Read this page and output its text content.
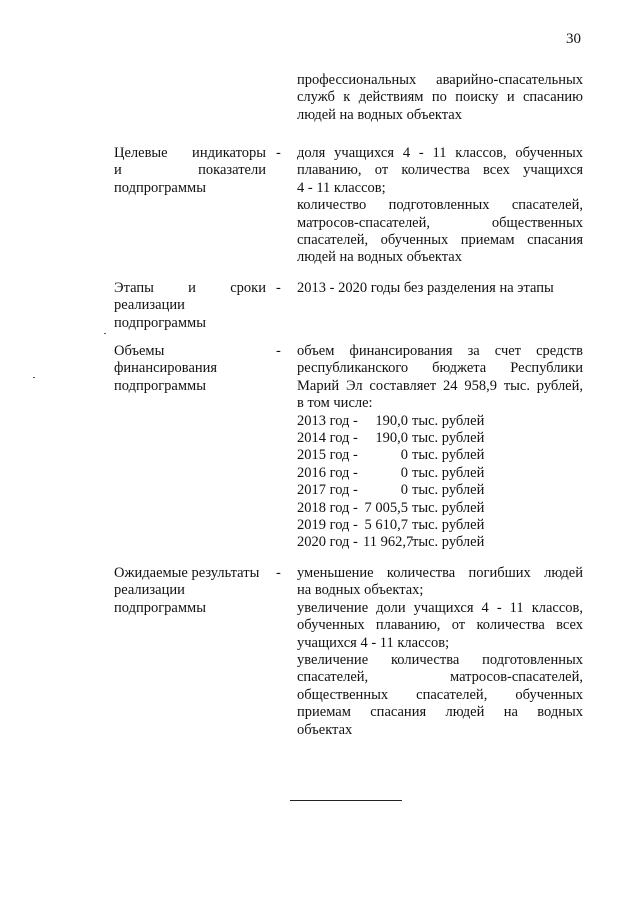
30
профессиональных аварийно-спасательных
служб к действиям по поиску и спасанию
людей на водных объектах
Целевые индикаторы
и показатели
подпрограммы
- доля учащихся 4 - 11 классов, обученных
плаванию, от количества всех учащихся
4 - 11 классов;
количество подготовленных спасателей,
матросов-спасателей, общественных
спасателей, обученных приемам спасания
людей на водных объектах
Этапы и сроки
реализации
подпрограммы
- 2013 - 2020 годы без разделения на этапы
Объемы
финансирования
подпрограммы
- объем финансирования за счет средств
республиканского бюджета Республики
Марий Эл составляет 24 958,9 тыс. рублей,
в том числе:
2013 год -	190,0 тыс. рублей
2014 год -	190,0 тыс. рублей
2015 год -	0 тыс. рублей
2016 год -	0 тыс. рублей
2017 год -	0 тыс. рублей
2018 год - 7 005,5 тыс. рублей
2019 год - 5 610,7 тыс. рублей
2020 год - 11 962,7
тыс. рублей
Ожидаемые результаты
реализации
подпрограммы
- уменьшение количества погибших людей
на водных объектах;
увеличение доли учащихся 4 - 11 классов,
обученных плаванию, от количества всех
учащихся 4 - 11 классов;
увеличение количества подготовленных
спасателей, матросов-спасателей,
общественных спасателей, обученных
приемам спасания людей на водных
объектах
